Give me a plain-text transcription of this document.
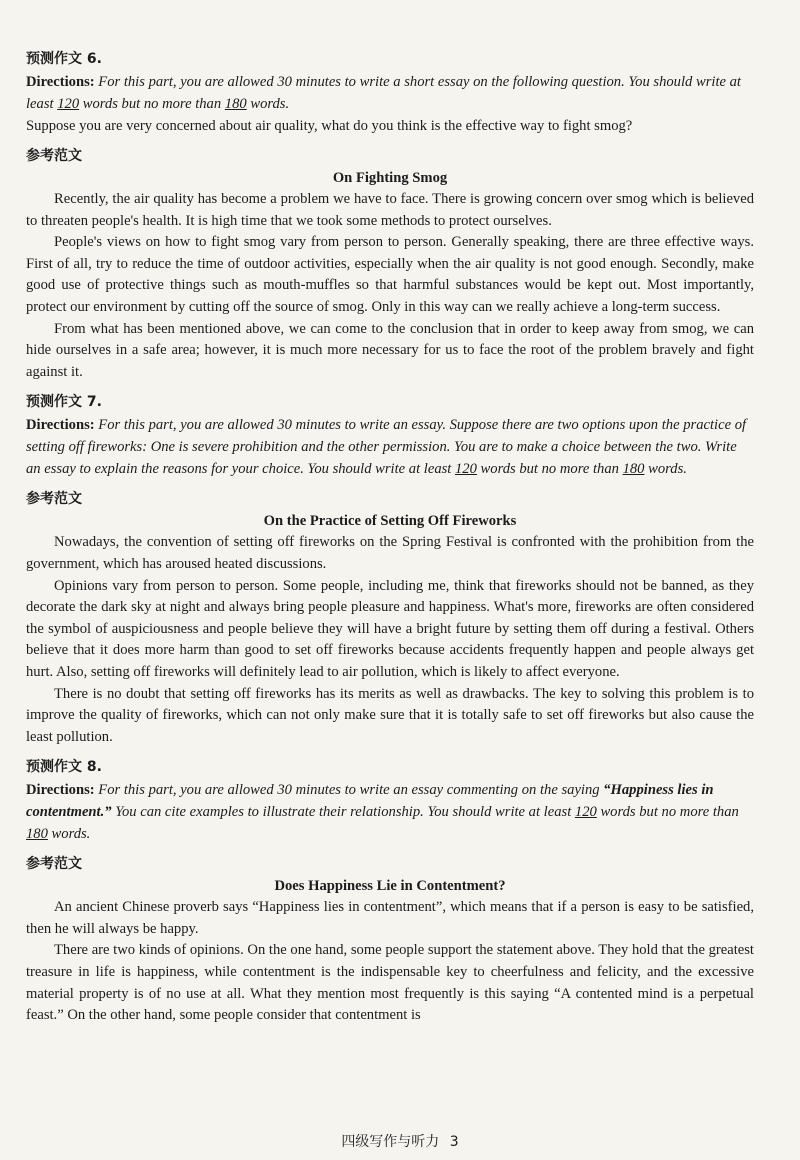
预测作文 6.

Directions: For this part, you are allowed 30 minutes to write a short essay on the following question. You should write at least 120 words but no more than 180 words.

Suppose you are very concerned about air quality, what do you think is the effective way to fight smog?

参考范文

On Fighting Smog

Recently, the air quality has become a problem we have to face. There is growing concern over smog which is believed to threaten people's health. It is high time that we took some methods to protect ourselves.

People's views on how to fight smog vary from person to person. Generally speaking, there are three effective ways. First of all, try to reduce the time of outdoor activities, especially when the air quality is not good enough. Secondly, make good use of protective things such as mouth-muffles so that harmful substances would be kept out. Most importantly, protect our environment by cutting off the source of smog. Only in this way can we really achieve a long-term success.

From what has been mentioned above, we can come to the conclusion that in order to keep away from smog, we can hide ourselves in a safe area; however, it is much more necessary for us to face the root of the problem bravely and fight against it.

预测作文 7.

Directions: For this part, you are allowed 30 minutes to write an essay. Suppose there are two options upon the practice of setting off fireworks: One is severe prohibition and the other permission. You are to make a choice between the two. Write an essay to explain the reasons for your choice. You should write at least 120 words but no more than 180 words.

参考范文

On the Practice of Setting Off Fireworks

Nowadays, the convention of setting off fireworks on the Spring Festival is confronted with the prohibition from the government, which has aroused heated discussions.

Opinions vary from person to person. Some people, including me, think that fireworks should not be banned, as they decorate the dark sky at night and always bring people pleasure and happiness. What's more, fireworks are often considered the symbol of auspiciousness and people believe they will have a bright future by setting them off during a festival. Others believe that it does more harm than good to set off fireworks because accidents frequently happen and people always get hurt. Also, setting off fireworks will definitely lead to air pollution, which is likely to affect everyone.

There is no doubt that setting off fireworks has its merits as well as drawbacks. The key to solving this problem is to improve the quality of fireworks, which can not only make sure that it is totally safe to set off fireworks but also cause the least pollution.

预测作文 8.

Directions: For this part, you are allowed 30 minutes to write an essay commenting on the saying “Happiness lies in contentment.” You can cite examples to illustrate their relationship. You should write at least 120 words but no more than 180 words.

参考范文

Does Happiness Lie in Contentment?

An ancient Chinese proverb says “Happiness lies in contentment”, which means that if a person is easy to be satisfied, then he will always be happy.

There are two kinds of opinions. On the one hand, some people support the statement above. They hold that the greatest treasure in life is happiness, while contentment is the indispensable key to cheerfulness and felicity, and the excessive material property is of no use at all. What they mention most frequently is this saying “A contented mind is a perpetual feast.” On the other hand, some people consider that contentment is

四级写作与听力 3
